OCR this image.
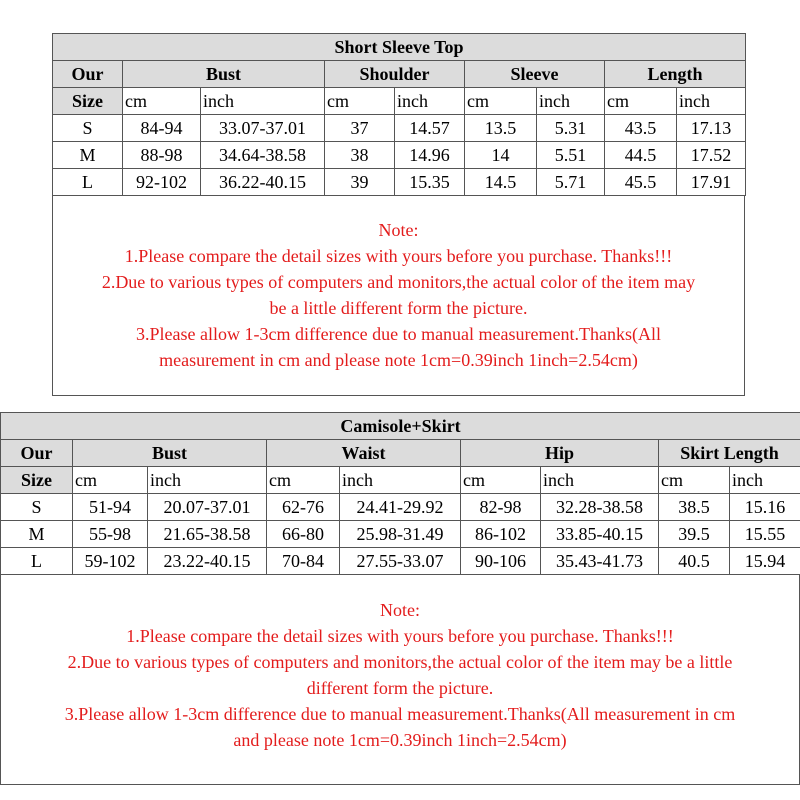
Short Sleeve Top								
Our	Bust		Shoulder		Sleeve		Length	
Size	cm	inch	cm	inch	cm	inch	cm	inch
S	84-94	33.07-37.01	37	14.57	13.5	5.31	43.5	17.13
M	88-98	34.64-38.58	38	14.96	14	5.51	44.5	17.52
L	92-102	36.22-40.15	39	15.35	14.5	5.71	45.5	17.91

Note:

1.Please compare the detail sizes with yours before you purchase. Thanks!!!

2.Due to various types of computers and monitors,the actual color of the item may

be a little different form the picture.

3.Please allow 1-3cm difference due to manual measurement.Thanks(All

measurement in cm and please note 1cm=0.39inch 1inch=2.54cm)

Camisole+Skirt								
Our	Bust		Waist		Hip		Skirt Length	
Size	cm	inch	cm	inch	cm	inch	cm	inch
S	51-94	20.07-37.01	62-76	24.41-29.92	82-98	32.28-38.58	38.5	15.16
M	55-98	21.65-38.58	66-80	25.98-31.49	86-102	33.85-40.15	39.5	15.55
L	59-102	23.22-40.15	70-84	27.55-33.07	90-106	35.43-41.73	40.5	15.94

Note:

1.Please compare the detail sizes with yours before you purchase. Thanks!!!

2.Due to various types of computers and monitors,the actual color of the item may be a little

different form the picture.

3.Please allow 1-3cm difference due to manual measurement.Thanks(All measurement in cm

and please note 1cm=0.39inch 1inch=2.54cm)
